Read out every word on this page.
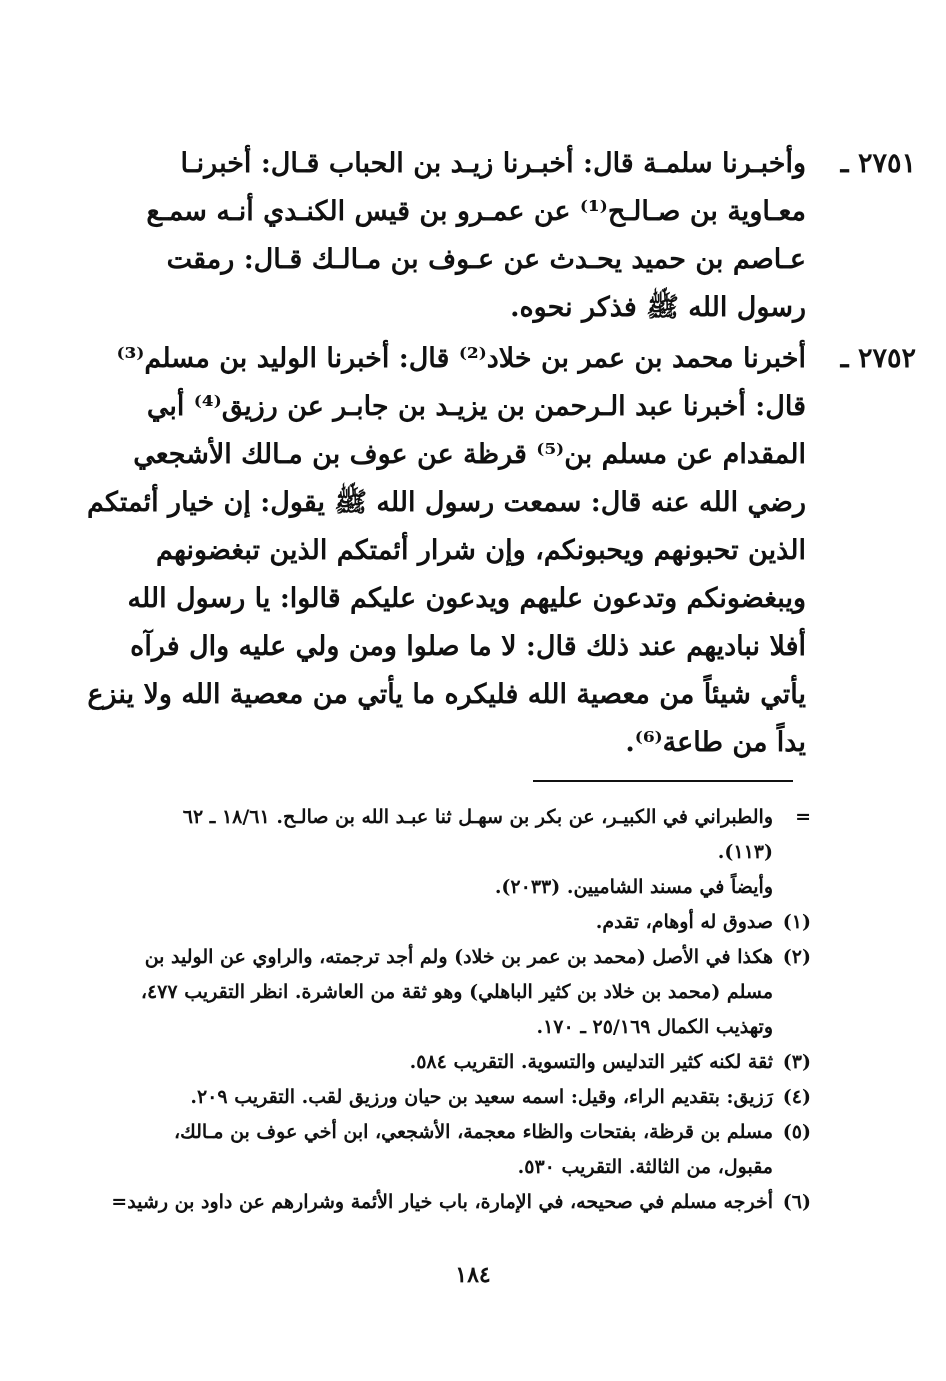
٢٧٥١ ـ
وأخبـرنا سلمـة قال: أخبـرنا زيـد بن الحباب قـال: أخبرنـا
معـاوية بن صـالـح⁽¹⁾ عن عمـرو بن قيس الكنـدي أنـه سمـع
عـاصم بن حميد يحـدث عن عـوف بن مـالـك قـال: رمقت
رسول الله ﷺ فذكر نحوه.
٢٧٥٢ ـ
أخبرنا محمد بن عمر بن خلاد⁽²⁾ قال: أخبرنا الوليد بن مسلم⁽³⁾
قال: أخبرنا عبد الـرحمن بن يزيـد بن جابـر عن رزيق⁽⁴⁾ أبي
المقدام عن مسلم بن⁽⁵⁾ قرظة عن عوف بن مـالك الأشجعي
رضي الله عنه قال: سمعت رسول الله ﷺ يقول: إن خيار أئمتكم
الذين تحبونهم ويحبونكم، وإن شرار أئمتكم الذين تبغضونهم
ويبغضونكم وتدعون عليهم ويدعون عليكم قالوا: يا رسول الله
أفلا نباديهم عند ذلك قال: لا ما صلوا ومن ولي عليه وال فرآه
يأتي شيئاً من معصية الله فليكره ما يأتي من معصية الله ولا ينزع
يداً من طاعة⁽⁶⁾.
=
والطبراني في الكبيـر، عن بكر بن سهـل ثنا عبـد الله بن صالـح. ١٨/٦١ ـ ٦٢
(١١٣).
وأيضاً في مسند الشاميين. (٢٠٣٣).
(١)
صدوق له أوهام، تقدم.
(٢)
هكذا في الأصل (محمد بن عمر بن خلاد) ولم أجد ترجمته، والراوي عن الوليد بن
مسلم (محمد بن خلاد بن كثير الباهلي) وهو ثقة من العاشرة. انظر التقريب ٤٧٧،
وتهذيب الكمال ٢٥/١٦٩ ـ ١٧٠.
(٣)
ثقة لكنه كثير التدليس والتسوية. التقريب ٥٨٤.
(٤)
رَزيق: بتقديم الراء، وقيل: اسمه سعيد بن حيان ورزيق لقب. التقريب ٢٠٩.
(٥)
مسلم بن قرظة، بفتحات والظاء معجمة، الأشجعي، ابن أخي عوف بن مـالك،
مقبول، من الثالثة. التقريب ٥٣٠.
(٦)
أخرجه مسلم في صحيحه، في الإمارة، باب خيار الأئمة وشرارهم عن داود بن رشيد=
١٨٤
